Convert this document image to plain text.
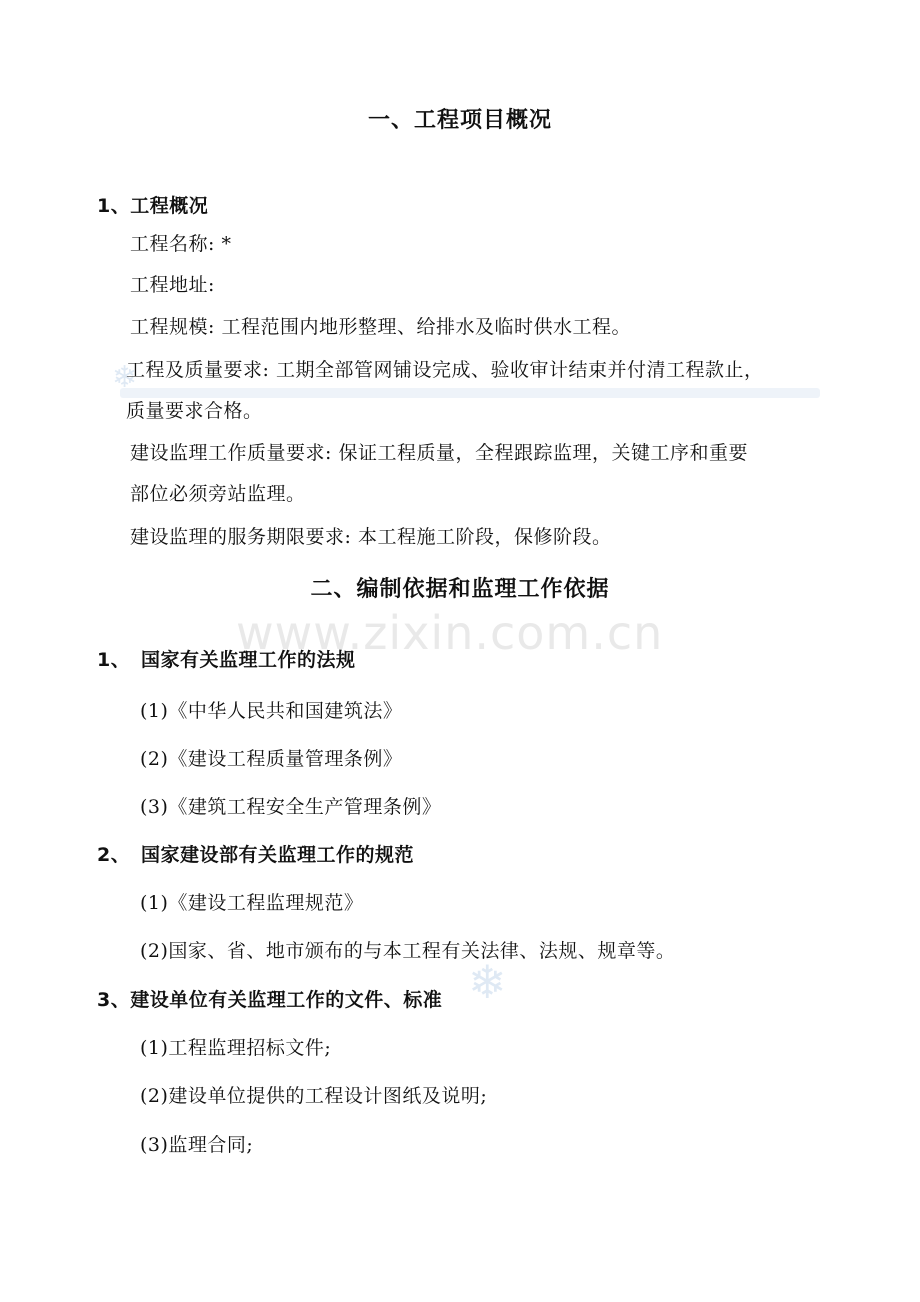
❄
❄
www.zixin.com.cn
一、工程项目概况
1、工程概况
工程名称: *
工程地址:
工程规模: 工程范围内地形整理、给排水及临时供水工程。
工程及质量要求: 工期全部管网铺设完成、验收审计结束并付清工程款止，
质量要求合格。
建设监理工作质量要求: 保证工程质量，全程跟踪监理，关键工序和重要
部位必须旁站监理。
建设监理的服务期限要求: 本工程施工阶段，保修阶段。
二、编制依据和监理工作依据
1、 国家有关监理工作的法规
(1)《中华人民共和国建筑法》
(2)《建设工程质量管理条例》
(3)《建筑工程安全生产管理条例》
2、 国家建设部有关监理工作的规范
(1)《建设工程监理规范》
(2)国家、省、地市颁布的与本工程有关法律、法规、规章等。
3、建设单位有关监理工作的文件、标准
(1)工程监理招标文件;
(2)建设单位提供的工程设计图纸及说明;
(3)监理合同;
